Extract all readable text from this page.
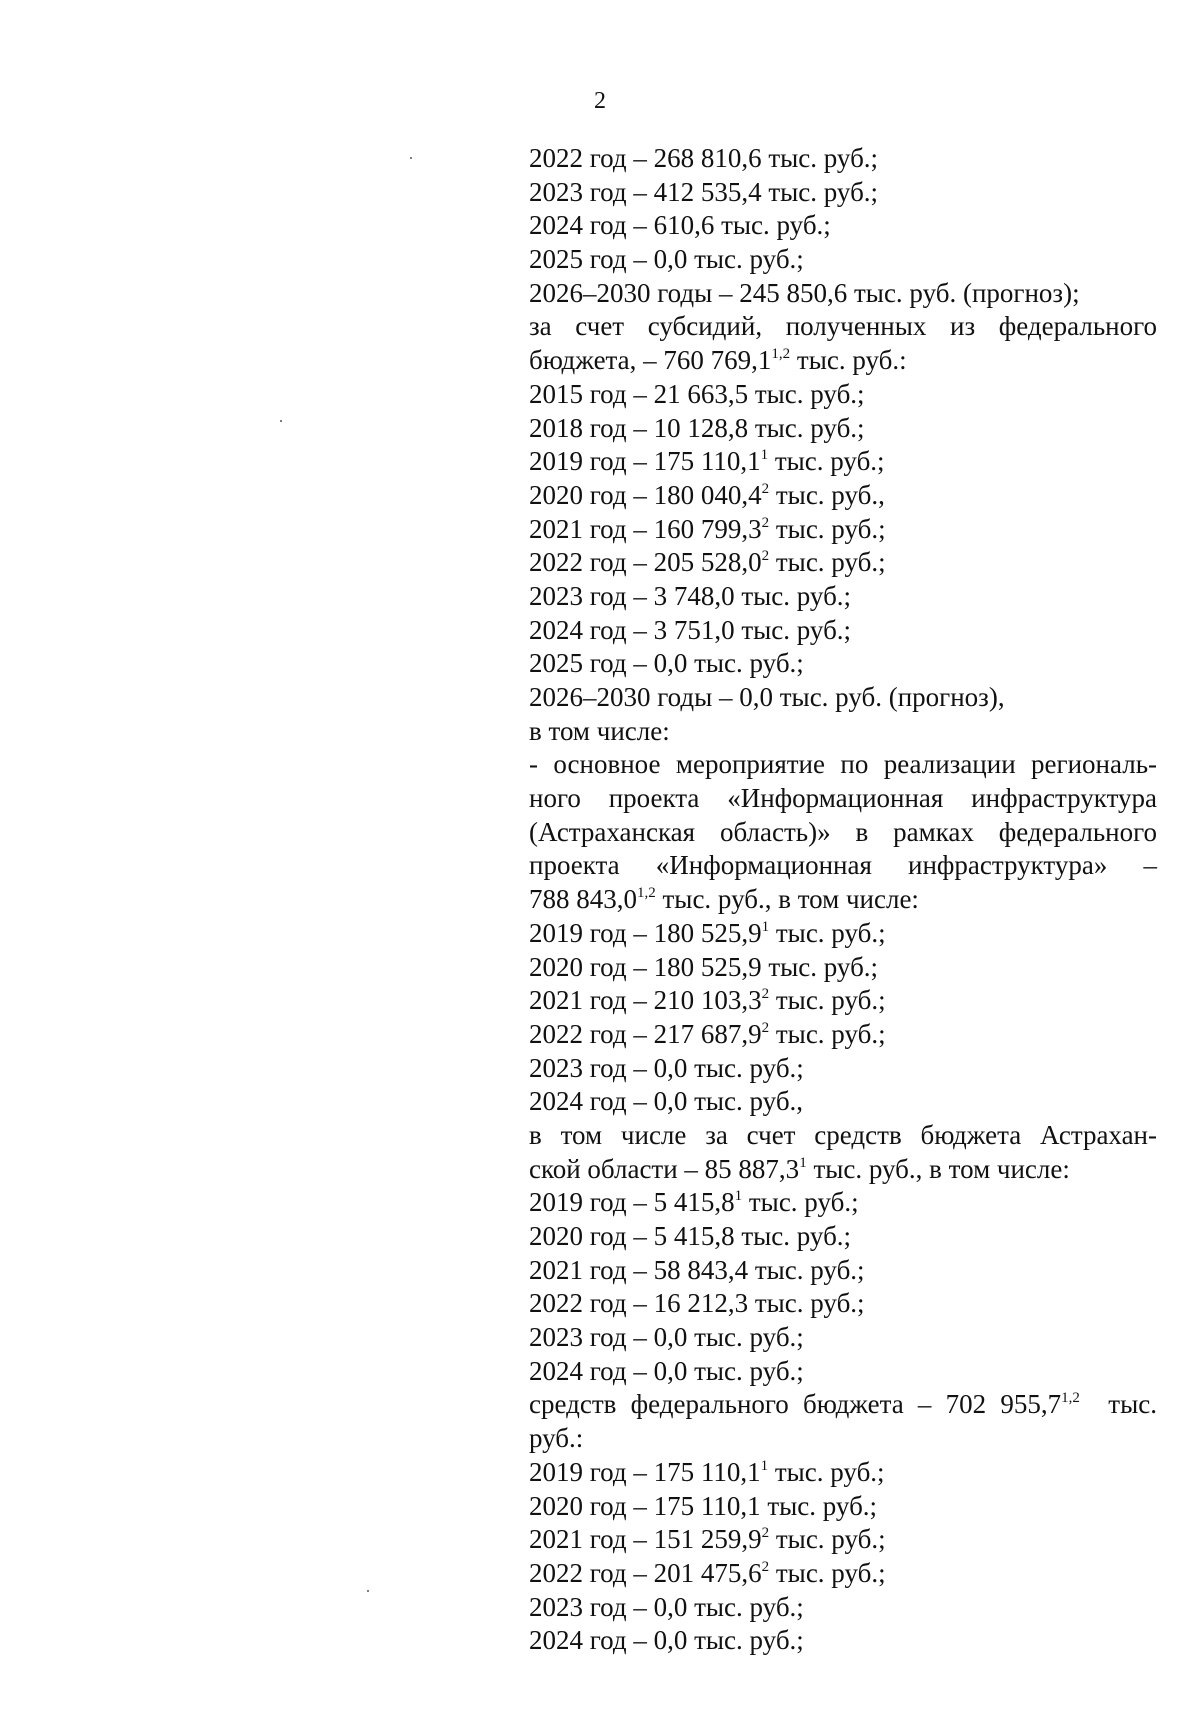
2
2022 год – 268 810,6 тыс. руб.;
2023 год – 412 535,4 тыс. руб.;
2024 год – 610,6 тыс. руб.;
2025 год – 0,0 тыс. руб.;
2026–2030 годы – 245 850,6 тыс. руб. (прогноз);
за счет субсидий, полученных из федерального
бюджета, – 760 769,1$^{1,2}$ тыс. руб.:
2015 год – 21 663,5 тыс. руб.;
2018 год – 10 128,8 тыс. руб.;
2019 год – 175 110,1$^1$ тыс. руб.;
2020 год – 180 040,4$^2$ тыс. руб.,
2021 год – 160 799,3$^2$ тыс. руб.;
2022 год – 205 528,0$^2$ тыс. руб.;
2023 год – 3 748,0 тыс. руб.;
2024 год – 3 751,0 тыс. руб.;
2025 год – 0,0 тыс. руб.;
2026–2030 годы – 0,0 тыс. руб. (прогноз),
в том числе:
- основное мероприятие по реализации региональ-
ного проекта «Информационная инфраструктура
(Астраханская область)» в рамках федерального
проекта «Информационная инфраструктура» –
788 843,0$^{1,2}$ тыс. руб., в том числе:
2019 год – 180 525,9$^1$ тыс. руб.;
2020 год – 180 525,9 тыс. руб.;
2021 год – 210 103,3$^2$ тыс. руб.;
2022 год – 217 687,9$^2$ тыс. руб.;
2023 год – 0,0 тыс. руб.;
2024 год – 0,0 тыс. руб.,
в том числе за счет средств бюджета Астрахан-
ской области – 85 887,3$^1$ тыс. руб., в том числе:
2019 год – 5 415,8$^1$ тыс. руб.;
2020 год – 5 415,8 тыс. руб.;
2021 год – 58 843,4 тыс. руб.;
2022 год – 16 212,3 тыс. руб.;
2023 год – 0,0 тыс. руб.;
2024 год – 0,0 тыс. руб.;
средств федерального бюджета – 702 955,7$^{1,2}$  тыс.
руб.:
2019 год – 175 110,1$^1$ тыс. руб.;
2020 год – 175 110,1 тыс. руб.;
2021 год – 151 259,9$^2$ тыс. руб.;
2022 год – 201 475,6$^2$ тыс. руб.;
2023 год – 0,0 тыс. руб.;
2024 год – 0,0 тыс. руб.;
